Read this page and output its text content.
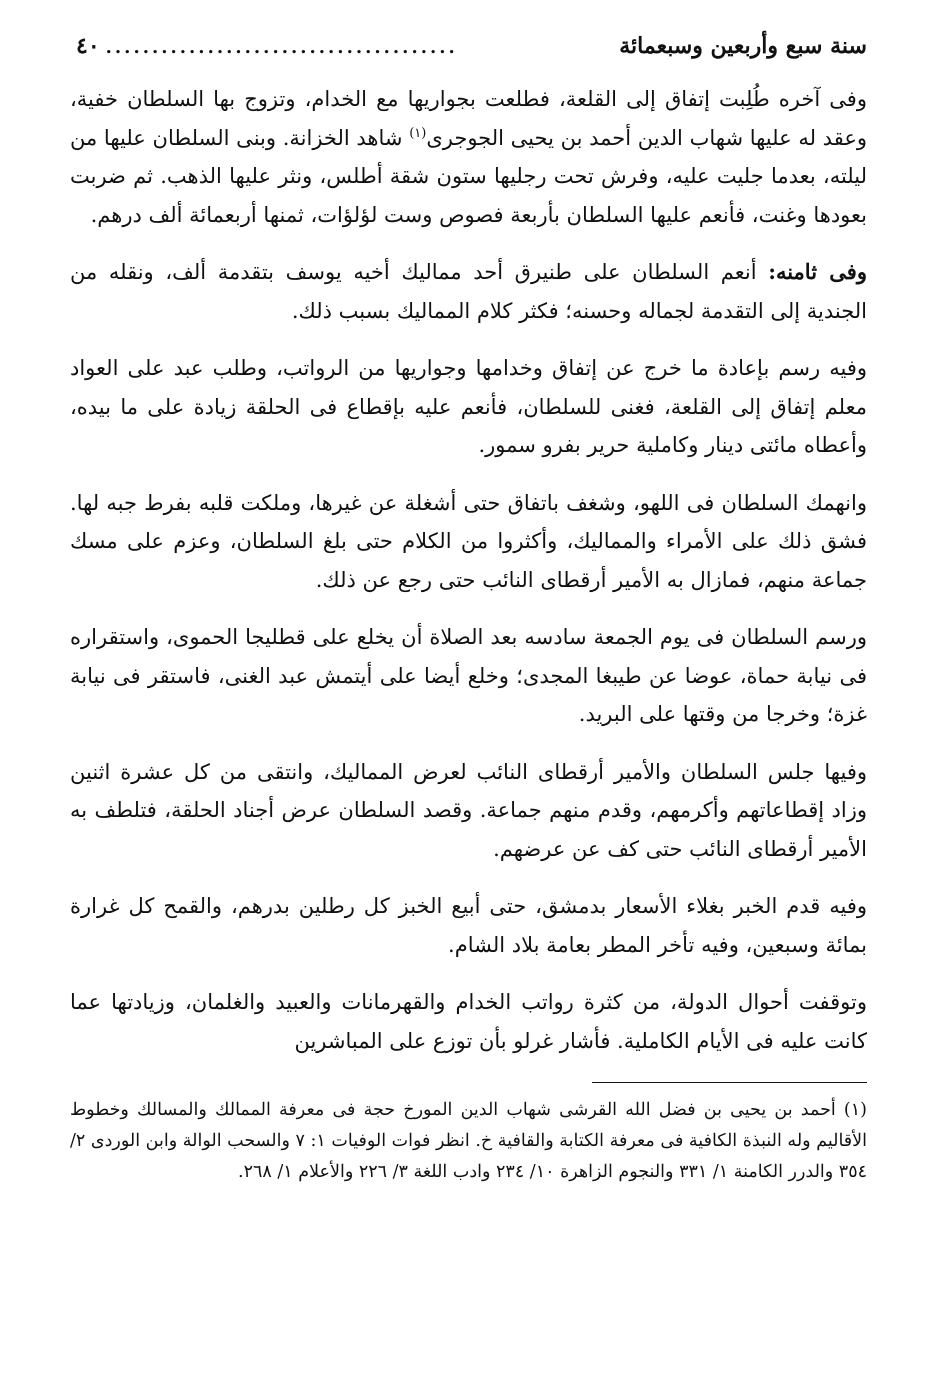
سنة سبع وأربعين وسبعمائة
......................................
٤٠

وفى آخره طُلِبت إتفاق إلى القلعة، فطلعت بجواريها مع الخدام، وتزوج بها السلطان خفية، وعقد له عليها شهاب الدين أحمد بن يحيى الجوجرى$^{(١)}$ شاهد الخزانة. وبنى السلطان عليها من ليلته، بعدما جليت عليه، وفرش تحت رجليها ستون شقة أطلس، ونثر عليها الذهب. ثم ضربت بعودها وغنت، فأنعم عليها السلطان بأربعة فصوص وست لؤلؤات، ثمنها أربعمائة ألف درهم.

وفى ثامنه: أنعم السلطان على طنيرق أحد مماليك أخيه يوسف بتقدمة ألف، ونقله من الجندية إلى التقدمة لجماله وحسنه؛ فكثر كلام المماليك بسبب ذلك.

وفيه رسم بإعادة ما خرج عن إتفاق وخدامها وجواريها من الرواتب، وطلب عبد على العواد معلم إتفاق إلى القلعة، فغنى للسلطان، فأنعم عليه بإقطاع فى الحلقة زيادة على ما بيده، وأعطاه مائتى دينار وكاملية حرير بفرو سمور.

وانهمك السلطان فى اللهو، وشغف باتفاق حتى أشغلة عن غيرها، وملكت قلبه بفرط جبه لها. فشق ذلك على الأمراء والمماليك، وأكثروا من الكلام حتى بلغ السلطان، وعزم على مسك جماعة منهم، فمازال به الأمير أرقطاى النائب حتى رجع عن ذلك.

ورسم السلطان فى يوم الجمعة سادسه بعد الصلاة أن يخلع على قطليجا الحموى، واستقراره فى نيابة حماة، عوضا عن طيبغا المجدى؛ وخلع أيضا على أيتمش عبد الغنى، فاستقر فى نيابة غزة؛ وخرجا من وقتها على البريد.

وفيها جلس السلطان والأمير أرقطاى النائب لعرض المماليك، وانتقى من كل عشرة اثنين وزاد إقطاعاتهم وأكرمهم، وقدم منهم جماعة. وقصد السلطان عرض أجناد الحلقة، فتلطف به الأمير أرقطاى النائب حتى كف عن عرضهم.

وفيه قدم الخبر بغلاء الأسعار بدمشق، حتى أبيع الخبز كل رطلين بدرهم، والقمح كل غرارة بمائة وسبعين، وفيه تأخر المطر بعامة بلاد الشام.

وتوقفت أحوال الدولة، من كثرة رواتب الخدام والقهرمانات والعبيد والغلمان، وزيادتها عما كانت عليه فى الأيام الكاملية. فأشار غرلو بأن توزع على المباشرين

(١) أحمد بن يحيى بن فضل الله القرشى شهاب الدين المورخ حجة فى معرفة الممالك والمسالك وخطوط الأقاليم وله النبذة الكافية فى معرفة الكتابة والقافية خ. انظر فوات الوفيات ١: ٧ والسحب الوالة وابن الوردى ٢/ ٣٥٤ والدرر الكامنة ١/ ٣٣١ والنجوم الزاهرة ١٠/ ٢٣٤ وادب اللغة ٣/ ٢٢٦ والأعلام ١/ ٢٦٨.
